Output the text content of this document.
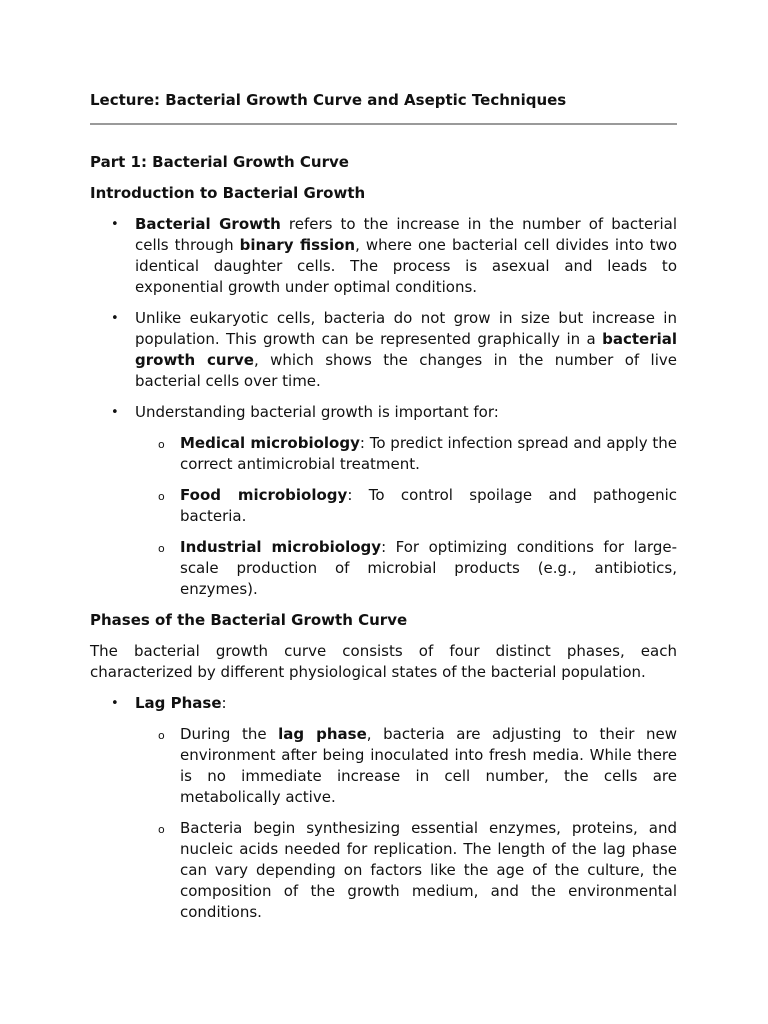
Lecture: Bacterial Growth Curve and Aseptic Techniques

Part 1: Bacterial Growth Curve
Introduction to Bacterial Growth
• Bacterial Growth refers to the increase in the number of bacterial cells through binary fission, where one bacterial cell divides into two identical daughter cells. The process is asexual and leads to exponential growth under optimal conditions.
• Unlike eukaryotic cells, bacteria do not grow in size but increase in population. This growth can be represented graphically in a bacterial growth curve, which shows the changes in the number of live bacterial cells over time.
• Understanding bacterial growth is important for:
o Medical microbiology: To predict infection spread and apply the correct antimicrobial treatment.
o Food microbiology: To control spoilage and pathogenic bacteria.
o Industrial microbiology: For optimizing conditions for large-scale production of microbial products (e.g., antibiotics, enzymes).
Phases of the Bacterial Growth Curve

The bacterial growth curve consists of four distinct phases, each characterized by different physiological states of the bacterial population.

• Lag Phase:
o During the lag phase, bacteria are adjusting to their new environment after being inoculated into fresh media. While there is no immediate increase in cell number, the cells are metabolically active.
o Bacteria begin synthesizing essential enzymes, proteins, and nucleic acids needed for replication. The length of the lag phase can vary depending on factors like the age of the culture, the composition of the growth medium, and the environmental conditions.
